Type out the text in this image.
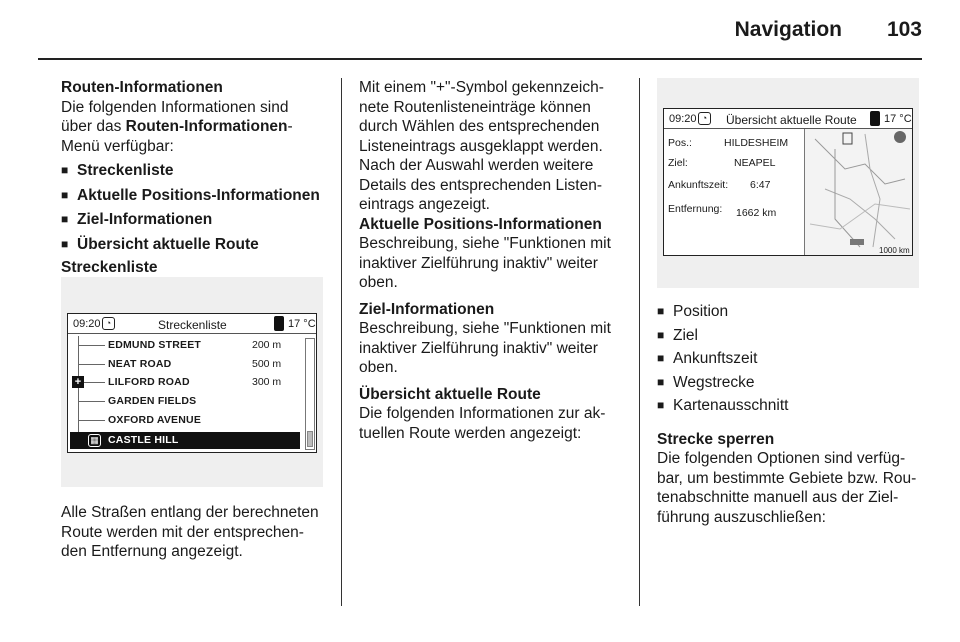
Navigation 103

Routen-Informationen

Die folgenden Informationen sind

über das Routen-Informationen-

Menü verfügbar:

■ Streckenliste
■ Aktuelle Positions-Informationen
■ Ziel-Informationen
■ Übersicht aktuelle Route

Streckenliste

09:20 ◔	Streckenliste	17 °C
+
EDMUND STREET	200 m
NEAT ROAD	500 m
LILFORD ROAD	300 m
GARDEN FIELDS
OXFORD AVENUE
▦ CASTLE HILL

Alle Straßen entlang der berechneten

Route werden mit der entsprechen-

den Entfernung angezeigt.

Mit einem "+"-Symbol gekennzeich-

nete Routenlisteneinträge können

durch Wählen des entsprechenden

Listeneintrags ausgeklappt werden.

Nach der Auswahl werden weitere

Details des entsprechenden Listen-

eintrags angezeigt.

Aktuelle Positions-Informationen

Beschreibung, siehe "Funktionen mit

inaktiver Zielführung inaktiv" weiter

oben.

Ziel-Informationen

Beschreibung, siehe "Funktionen mit

inaktiver Zielführung inaktiv" weiter

oben.

Übersicht aktuelle Route

Die folgenden Informationen zur ak-

tuellen Route werden angezeigt:

09:20 ◔	Übersicht aktuelle Route 17 °C
Pos.:	HILDESHEIM
Ziel:	NEAPEL
Ankunftszeit: 6:47
Entfernung: 1662 km
1000 km
■ Position
■ Ziel
■ Ankunftszeit
■ Wegstrecke
■ Kartenausschnitt

Strecke sperren

Die folgenden Optionen sind verfüg-

bar, um bestimmte Gebiete bzw. Rou-

tenabschnitte manuell aus der Ziel-

führung auszuschließen:
